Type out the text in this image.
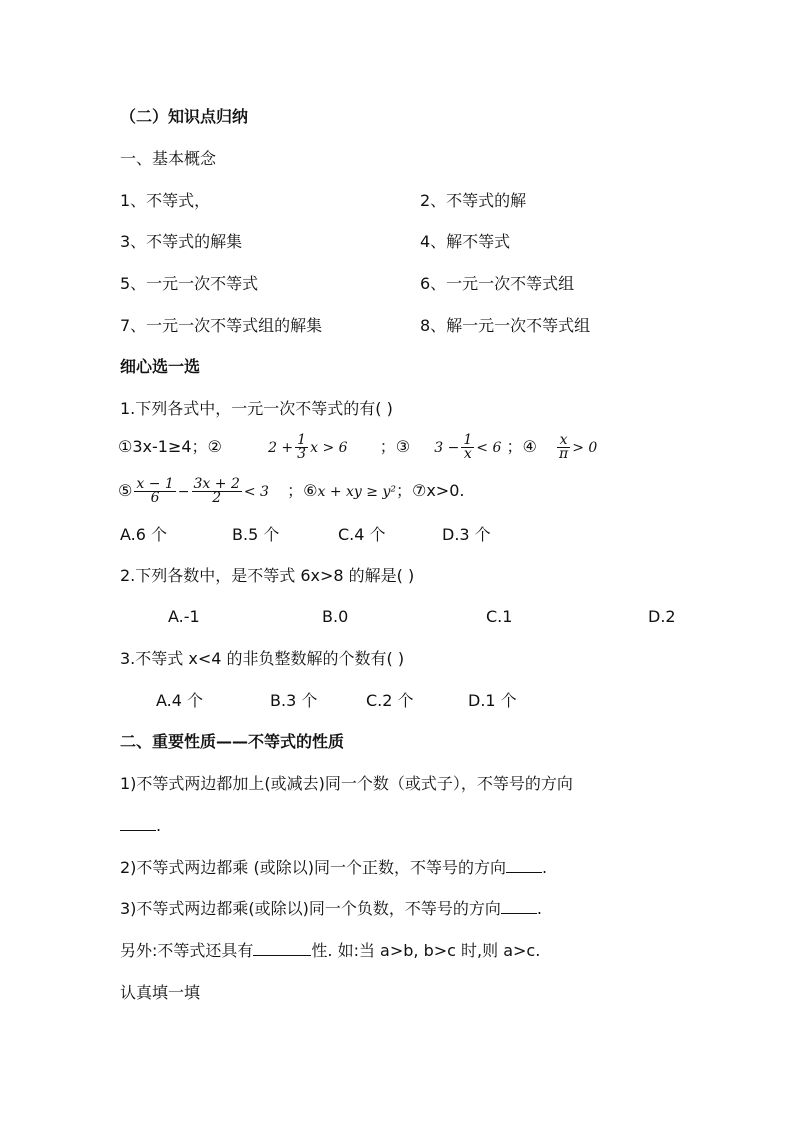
（二）知识点归纳
一、基本概念
1、不等式，	2、不等式的解
3、不等式的解集	4、解不等式
5、一元一次不等式	6、一元一次不等式组
7、一元一次不等式组的解集	8、解一元一次不等式组
细心选一选
1.下列各式中，一元一次不等式的有( )
①3x-1≥4；②	$2 + \frac{1}{3}$ x > 6 ；③ $3 - \frac{1}{x} < 6$ ；④ $\frac{x}{\pi} > 0$
⑤ $\frac{x - 1}{6} - \frac{3x + 2}{2} < 3$ ；⑥x + xy ≥ y²；⑦x>0.
A.6 个	B.5 个	C.4 个	D.3 个
2.下列各数中，是不等式 6x>8 的解是( )
A.-1	B.0	C.1	D.2
3.不等式 x<4 的非负整数解的个数有( )
A.4 个	B.3 个	C.2 个	D.1 个
二、重要性质——不等式的性质
1)不等式两边都加上(或减去)同一个数（或式子），不等号的方向
.
2)不等式两边都乘 (或除以)同一个正数，不等号的方向 .
3)不等式两边都乘(或除以)同一个负数，不等号的方向 .
另外:不等式还具有	性. 如:当 a>b, b>c 时,则 a>c.
认真填一填
